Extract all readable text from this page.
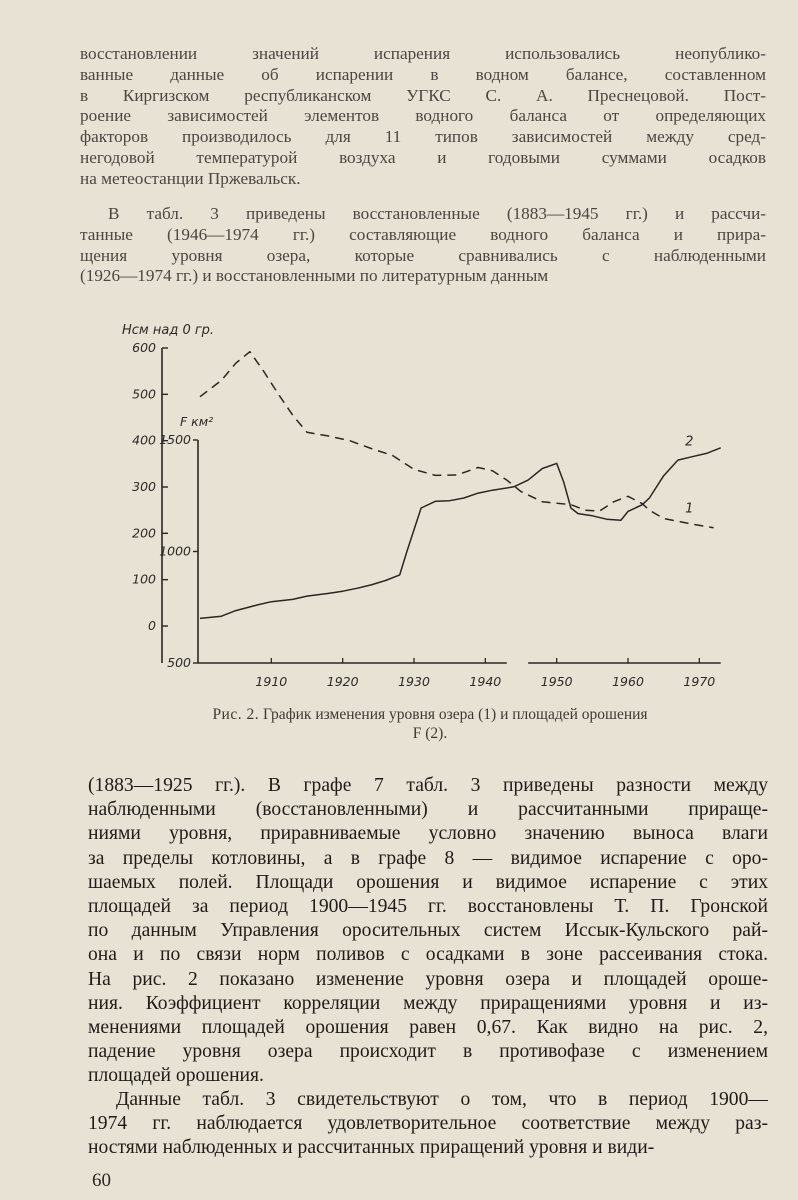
восстановлении значений испарения использовались неопублико-
ванные данные об испарении в водном балансе, составленном
в Киргизском республиканском УГКС С. А. Преснецовой. Пост-
роение зависимостей элементов водного баланса от определяющих
факторов производилось для 11 типов зависимостей между сред-
негодовой температурой воздуха и годовыми суммами осадков
на метеостанции Пржевальск.
В табл. 3 приведены восстановленные (1883—1945 гг.) и рассчи-
танные (1946—1974 гг.) составляющие водного баланса и прира-
щения уровня озера, которые сравнивались с наблюденными
(1926—1974 гг.) и восстановленными по литературным данным
Нсм над 0 гр.
600
500
400
300
200
100
0
F км²
1500
1000
500
1910	1920	1930	1940	1950	1960	1970
1
2
Рис. 2. График изменения уровня озера (1) и площадей орошения
F (2).
(1883—1925 гг.). В графе 7 табл. 3 приведены разности между
наблюденными (восстановленными) и рассчитанными прираще-
ниями уровня, приравниваемые условно значению выноса влаги
за пределы котловины, а в графе 8 — видимое испарение с оро-
шаемых полей. Площади орошения и видимое испарение с этих
площадей за период 1900—1945 гг. восстановлены Т. П. Гронской
по данным Управления оросительных систем Иссык-Кульского рай-
она и по связи норм поливов с осадками в зоне рассеивания стока.
На рис. 2 показано изменение уровня озера и площадей ороше-
ния. Коэффициент корреляции между приращениями уровня и из-
менениями площадей орошения равен 0,67. Как видно на рис. 2,
падение уровня озера происходит в противофазе с изменением
площадей орошения.
Данные табл. 3 свидетельствуют о том, что в период 1900—
1974 гг. наблюдается удовлетворительное соответствие между раз-
ностями наблюденных и рассчитанных приращений уровня и види-
60
